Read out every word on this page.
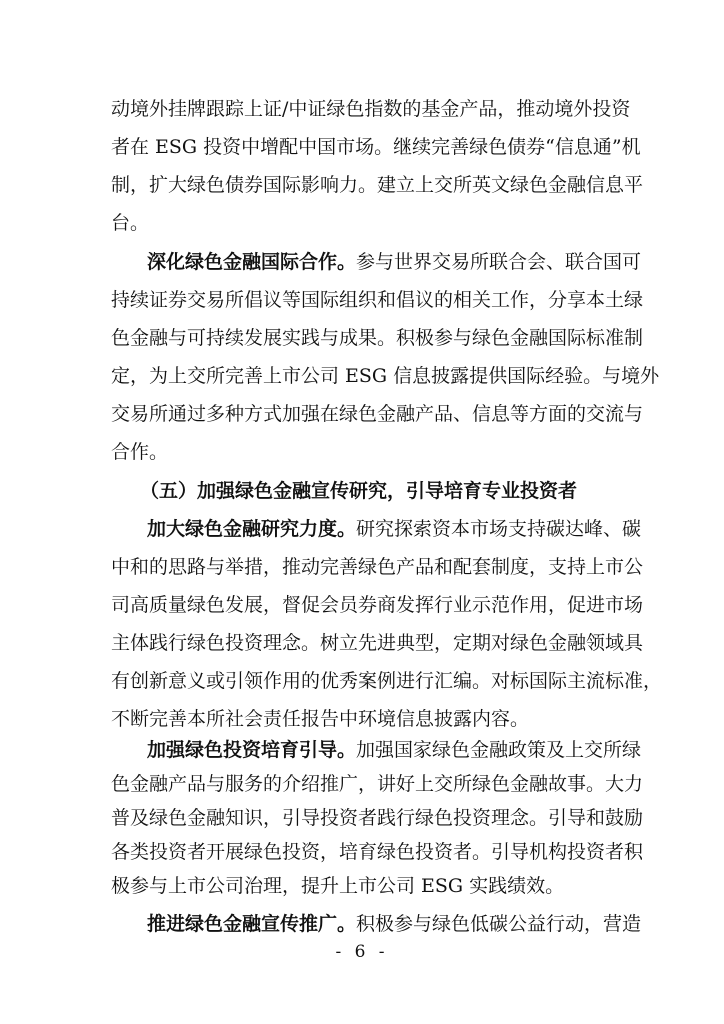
动境外挂牌跟踪上证/中证绿色指数的基金产品，推动境外投资
者在 ESG 投资中增配中国市场。继续完善绿色债券“信息通”机
制，扩大绿色债券国际影响力。建立上交所英文绿色金融信息平
台。
深化绿色金融国际合作。参与世界交易所联合会、联合国可
持续证券交易所倡议等国际组织和倡议的相关工作，分享本土绿
色金融与可持续发展实践与成果。积极参与绿色金融国际标准制
定，为上交所完善上市公司 ESG 信息披露提供国际经验。与境外
交易所通过多种方式加强在绿色金融产品、信息等方面的交流与
合作。
（五）加强绿色金融宣传研究，引导培育专业投资者
加大绿色金融研究力度。研究探索资本市场支持碳达峰、碳
中和的思路与举措，推动完善绿色产品和配套制度，支持上市公
司高质量绿色发展，督促会员券商发挥行业示范作用，促进市场
主体践行绿色投资理念。树立先进典型，定期对绿色金融领域具
有创新意义或引领作用的优秀案例进行汇编。对标国际主流标准，
不断完善本所社会责任报告中环境信息披露内容。
加强绿色投资培育引导。加强国家绿色金融政策及上交所绿
色金融产品与服务的介绍推广，讲好上交所绿色金融故事。大力
普及绿色金融知识，引导投资者践行绿色投资理念。引导和鼓励
各类投资者开展绿色投资，培育绿色投资者。引导机构投资者积
极参与上市公司治理，提升上市公司 ESG 实践绩效。
推进绿色金融宣传推广。积极参与绿色低碳公益行动，营造
- 6 -
